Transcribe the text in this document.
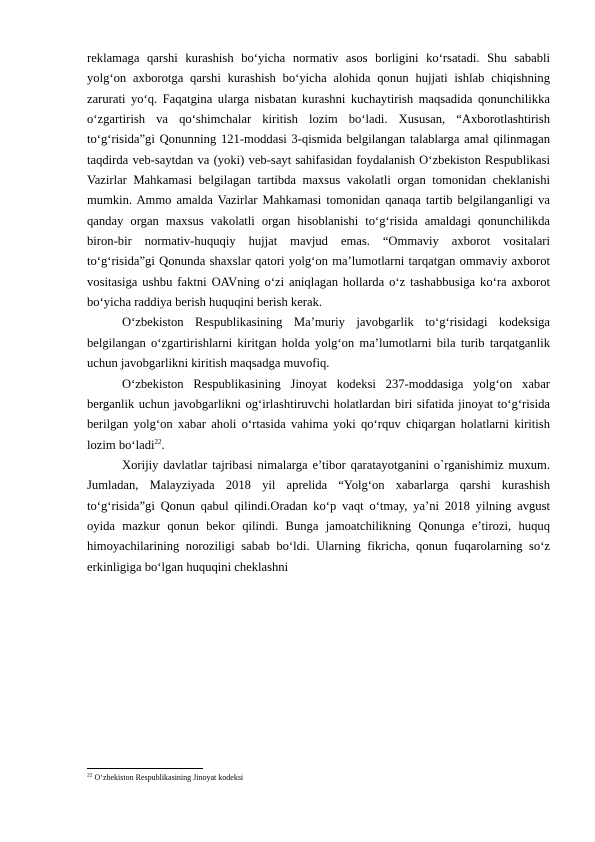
reklamaga qarshi kurashish bo‘yicha normativ asos borligini ko‘rsatadi. Shu sababli yolg‘on axborotga qarshi kurashish bo‘yicha alohida qonun hujjati ishlab chiqishning zarurati yo‘q. Faqatgina ularga nisbatan kurashni kuchaytirish maqsadida qonunchilikka o‘zgartirish va qo‘shimchalar kiritish lozim bo‘ladi. Xususan, “Axborotlashtirish to‘g‘risida”gi Qonunning 121-moddasi 3-qismida belgilangan talablarga amal qilinmagan taqdirda veb-saytdan va (yoki) veb-sayt sahifasidan foydalanish O‘zbekiston Respublikasi Vazirlar Mahkamasi belgilagan tartibda maxsus vakolatli organ tomonidan cheklanishi mumkin. Ammo amalda Vazirlar Mahkamasi tomonidan qanaqa tartib belgilanganligi va qanday organ maxsus vakolatli organ hisoblanishi to‘g‘risida amaldagi qonunchilikda biron-bir normativ-huquqiy hujjat mavjud emas. “Ommaviy axborot vositalari to‘g‘risida”gi Qonunda shaxslar qatori yolg‘on ma’lumotlarni tarqatgan ommaviy axborot vositasiga ushbu faktni OAVning o‘zi aniqlagan hollarda o‘z tashabbusiga ko‘ra axborot bo‘yicha raddiya berish huquqini berish kerak.

O‘zbekiston Respublikasining Ma’muriy javobgarlik to‘g‘risidagi kodeksiga belgilangan o‘zgartirishlarni kiritgan holda yolg‘on ma’lumotlarni bila turib tarqatganlik uchun javobgarlikni kiritish maqsadga muvofiq.

O‘zbekiston Respublikasining Jinoyat kodeksi 237-moddasiga yolg‘on xabar berganlik uchun javobgarlikni og‘irlashtiruvchi holatlardan biri sifatida jinoyat to‘g‘risida berilgan yolg‘on xabar aholi o‘rtasida vahima yoki qo‘rquv chiqargan holatlarni kiritish lozim bo‘ladi$^{22}$.

Xorijiy davlatlar tajribasi nimalarga e’tibor qaratayotganini o`rganishimiz muxum. Jumladan, Malayziyada 2018 yil aprelida “Yolg‘on xabarlarga qarshi kurashish to‘g‘risida”gi Qonun qabul qilindi.Oradan ko‘p vaqt o‘tmay, ya’ni 2018 yilning avgust oyida mazkur qonun bekor qilindi. Bunga jamoatchilikning Qonunga e’tirozi, huquq himoyachilarining noroziligi sabab bo‘ldi. Ularning fikricha, qonun fuqarolarning so‘z erkinligiga bo‘lgan huquqini cheklashni

$^{22}$ O‘zbekiston Respublikasining Jinoyat kodeksi
